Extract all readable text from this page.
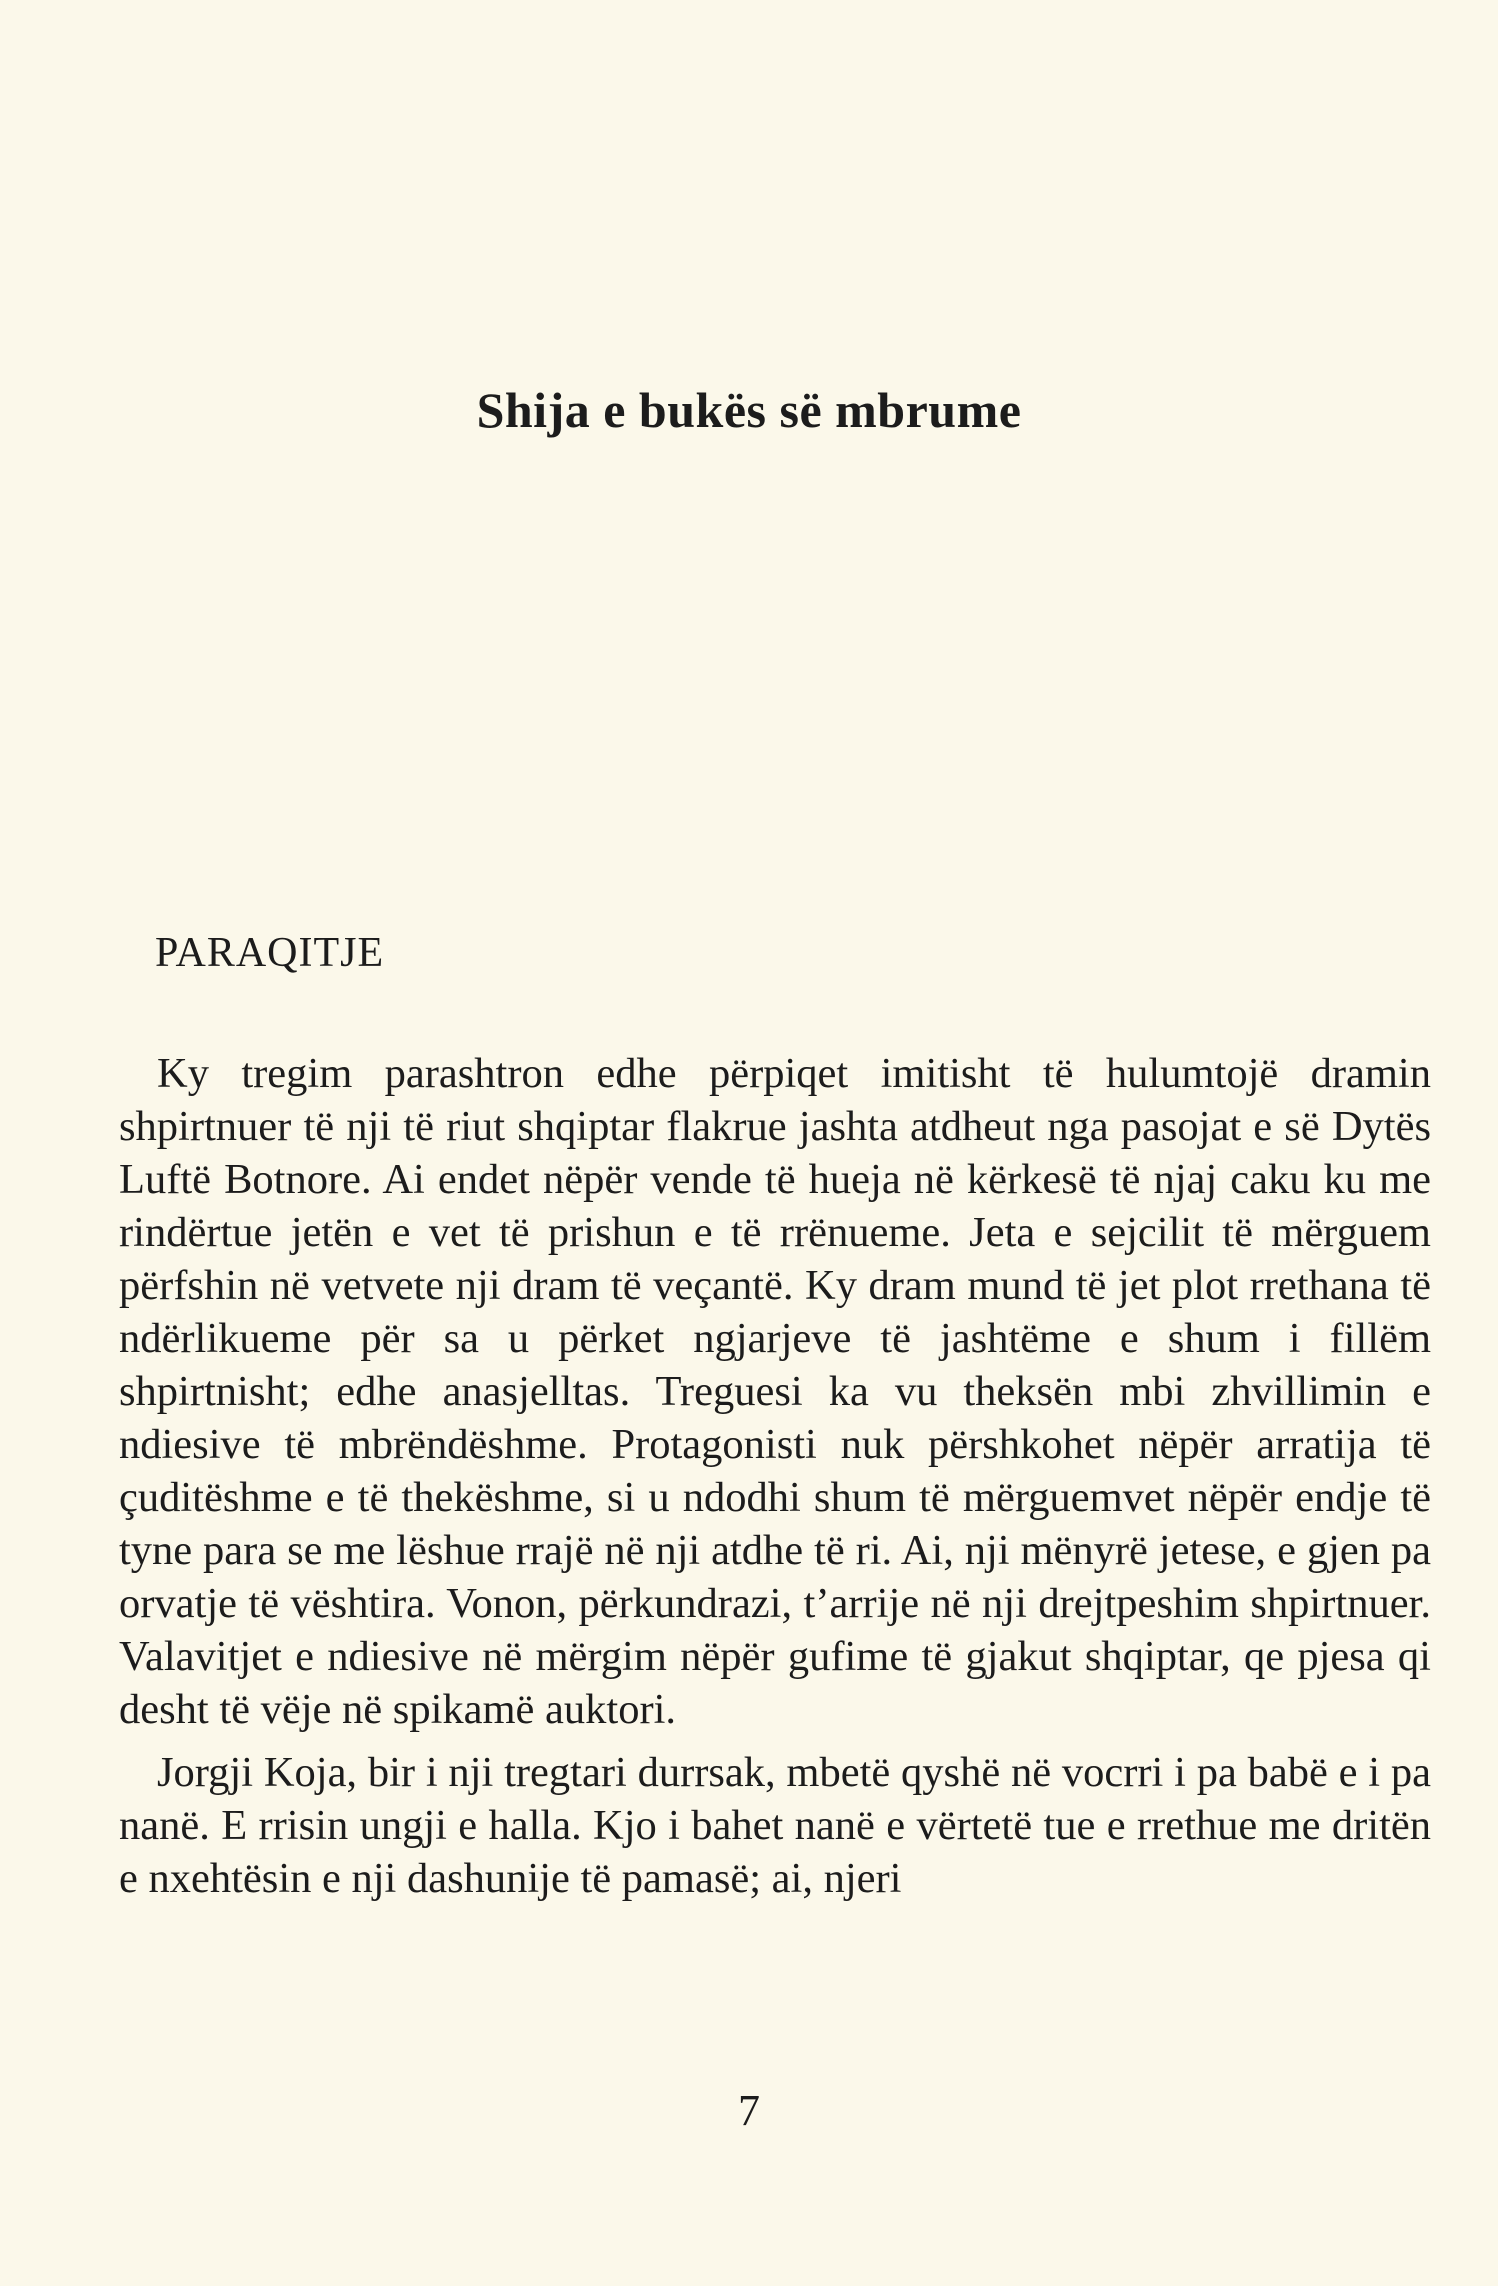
Shija e bukës së mbrume
PARAQITJE

Ky tregim parashtron edhe përpiqet imitisht të hulumtojë dramin shpirtnuer të nji të riut shqiptar flakrue jashta atdheut nga pasojat e së Dytës Luftë Botnore. Ai endet nëpër vende të hueja në kërkesë të njaj caku ku me rindërtue jetën e vet të prishun e të rrënueme. Jeta e sejcilit të mërguem përfshin në vetvete nji dram të veçantë. Ky dram mund të jet plot rrethana të ndërlikueme për sa u përket ngjarjeve të jashtëme e shum i fillëm shpirtnisht; edhe anasjelltas. Treguesi ka vu theksën mbi zhvillimin e ndiesive të mbrëndëshme. Protagonisti nuk përshkohet nëpër arratija të çuditëshme e të thekëshme, si u ndodhi shum të mërguemvet nëpër endje të tyne para se me lëshue rrajë në nji atdhe të ri. Ai, nji mënyrë jetese, e gjen pa orvatje të vështira. Vonon, përkundrazi, t’arrije në nji drejtpeshim shpirtnuer. Valavitjet e ndiesive në mërgim nëpër gufime të gjakut shqiptar, qe pjesa qi desht të vëje në spikamë auktori.

Jorgji Koja, bir i nji tregtari durrsak, mbetë qyshë në vocrri i pa babë e i pa nanë. E rrisin ungji e halla. Kjo i bahet nanë e vërtetë tue e rrethue me dritën e nxehtësin e nji dashunije të pamasë; ai, njeri

7
